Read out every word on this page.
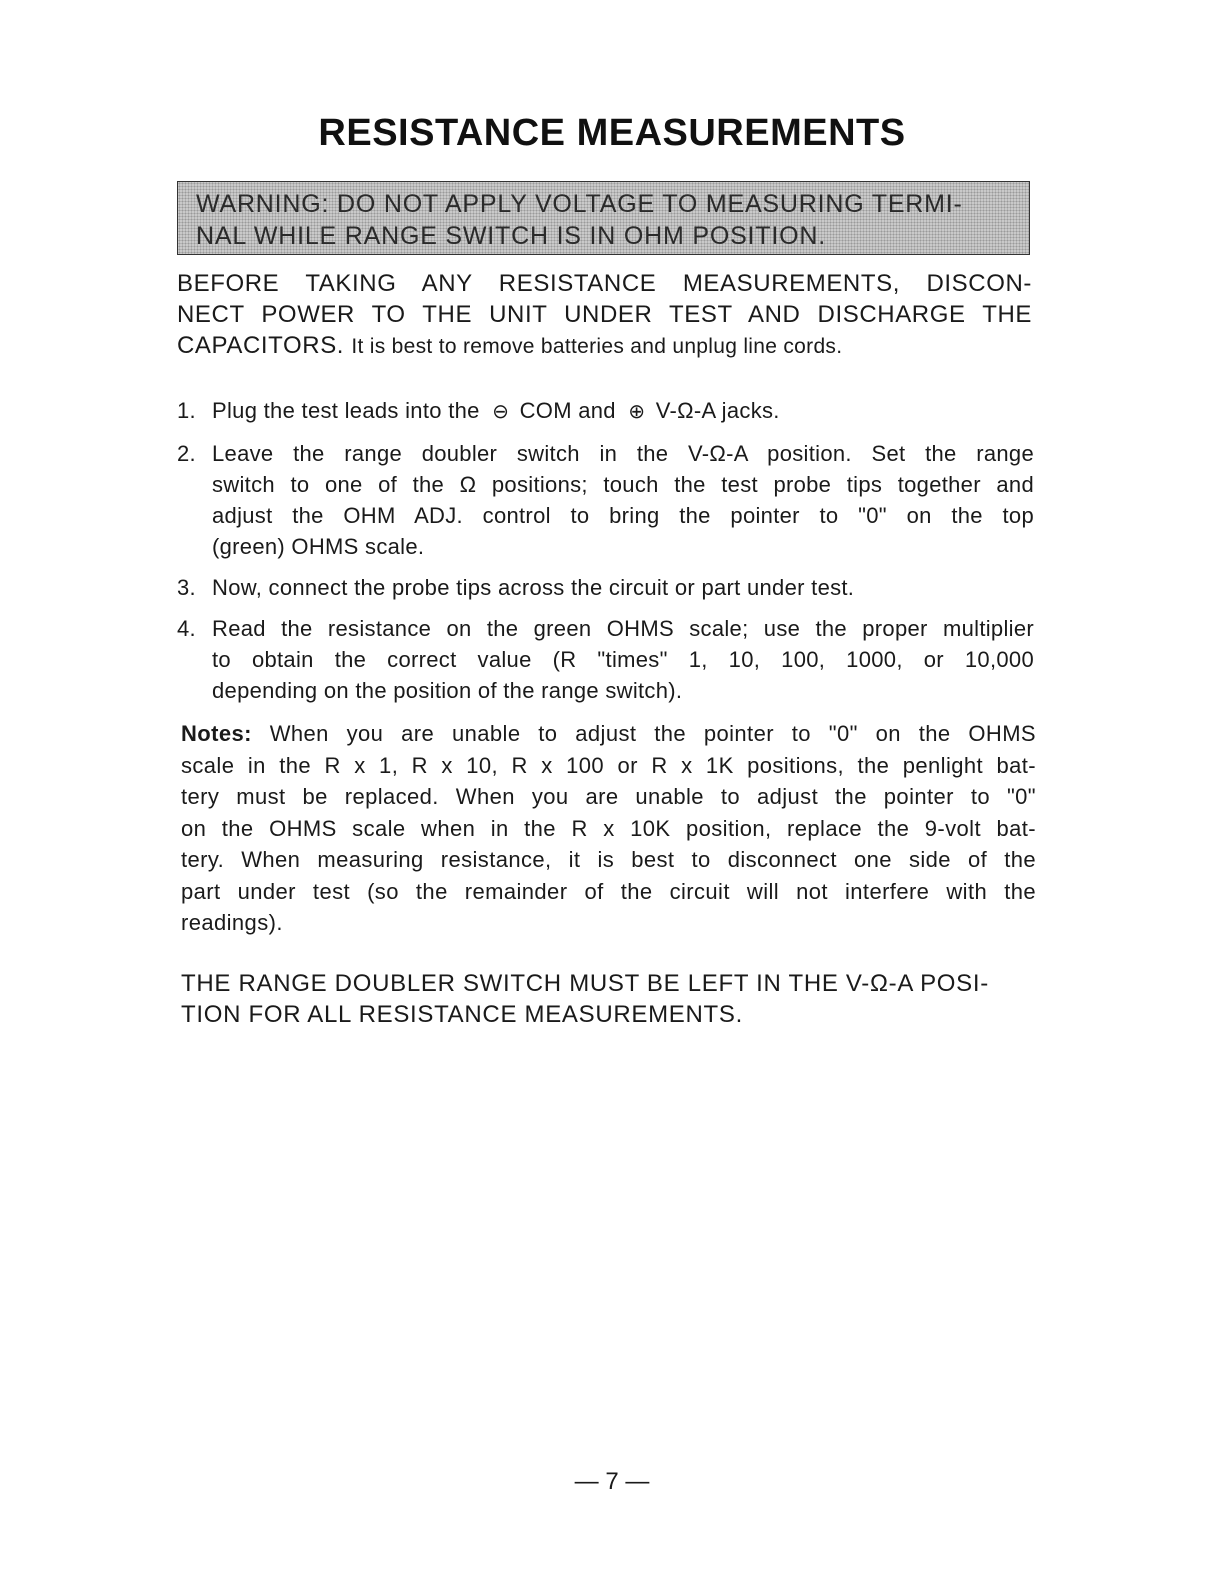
RESISTANCE MEASUREMENTS
WARNING: DO NOT APPLY VOLTAGE TO MEASURING TERMI-
NAL WHILE RANGE SWITCH IS IN OHM POSITION.
BEFORE TAKING ANY RESISTANCE MEASUREMENTS, DISCON-
NECT POWER TO THE UNIT UNDER TEST AND DISCHARGE THE
CAPACITORS. It is best to remove batteries and unplug line cords.
1. Plug the test leads into the ⊖ COM and ⊕ V-Ω-A jacks.
2. Leave the range doubler switch in the V-Ω-A position. Set the range
switch to one of the Ω positions; touch the test probe tips together and
adjust the OHM ADJ. control to bring the pointer to "0" on the top
(green) OHMS scale.
3. Now, connect the probe tips across the circuit or part under test.
4. Read the resistance on the green OHMS scale; use the proper multiplier
to obtain the correct value (R "times" 1, 10, 100, 1000, or 10,000
depending on the position of the range switch).
Notes: When you are unable to adjust the pointer to "0" on the OHMS
scale in the R x 1, R x 10, R x 100 or R x 1K positions, the penlight bat-
tery must be replaced. When you are unable to adjust the pointer to "0"
on the OHMS scale when in the R x 10K position, replace the 9-volt bat-
tery. When measuring resistance, it is best to disconnect one side of the
part under test (so the remainder of the circuit will not interfere with the
readings).
THE RANGE DOUBLER SWITCH MUST BE LEFT IN THE V-Ω-A POSI-
TION FOR ALL RESISTANCE MEASUREMENTS.
— 7 —
